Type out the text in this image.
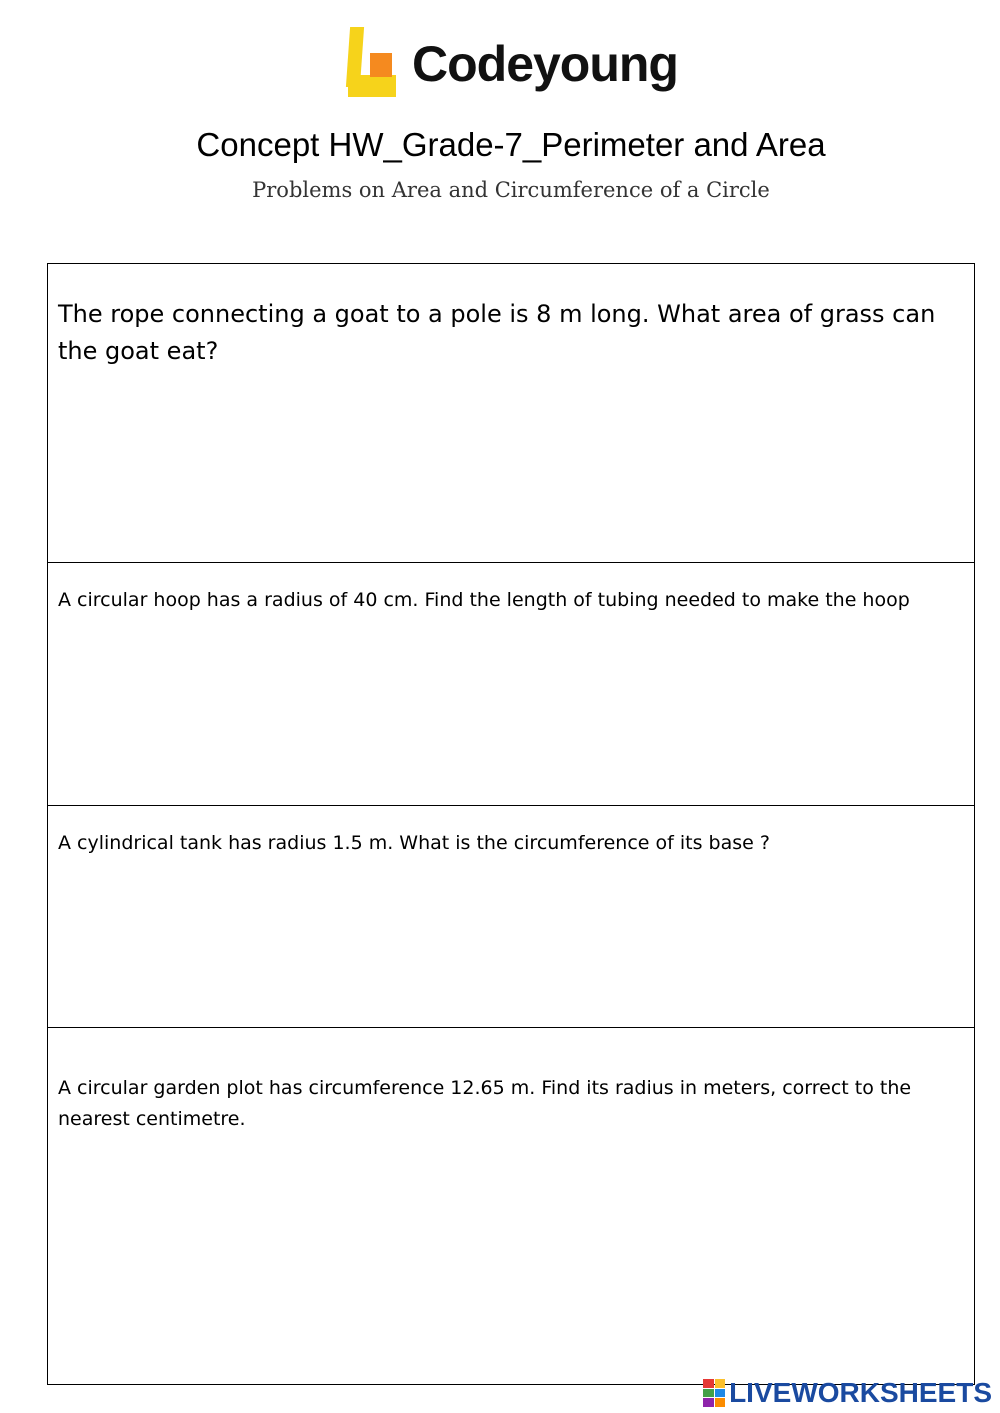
Codeyoung
Concept HW_Grade-7_Perimeter and Area
Problems on Area and Circumference of a Circle

The rope connecting a goat to a pole is 8 m long. What area of grass can the goat eat?

A circular hoop has a radius of 40 cm. Find the length of tubing needed to make the hoop

A cylindrical tank has radius 1.5 m. What is the circumference of its base ?

A circular garden plot has circumference 12.65 m. Find its radius in meters, correct to the nearest centimetre.

LIVEWORKSHEETS
